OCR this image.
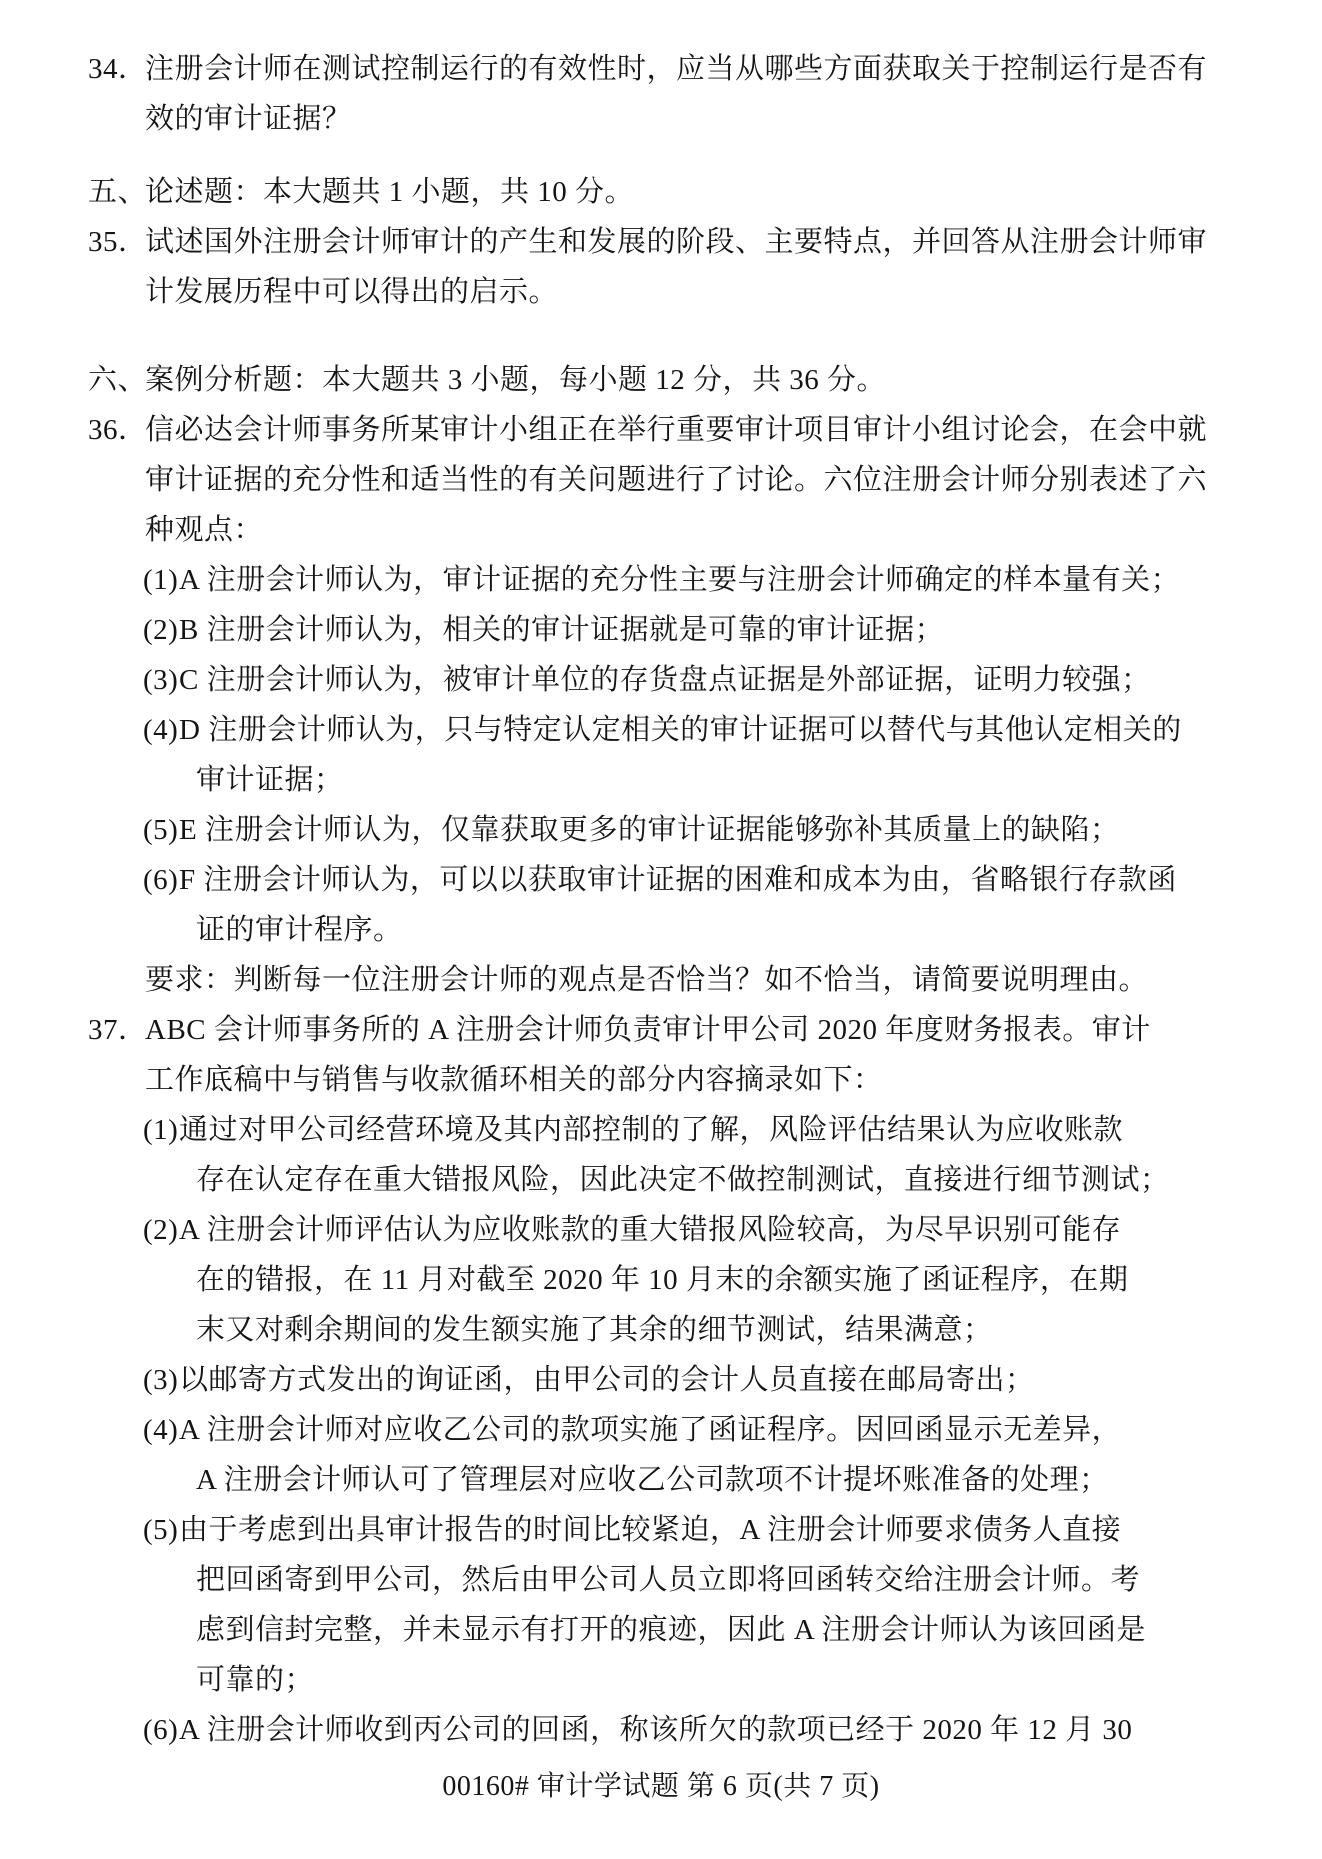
34．注册会计师在测试控制运行的有效性时，应当从哪些方面获取关于控制运行是否有
效的审计证据？
五、论述题：本大题共 1 小题，共 10 分。
35．试述国外注册会计师审计的产生和发展的阶段、主要特点，并回答从注册会计师审
计发展历程中可以得出的启示。
六、案例分析题：本大题共 3 小题，每小题 12 分，共 36 分。
36．信必达会计师事务所某审计小组正在举行重要审计项目审计小组讨论会，在会中就
审计证据的充分性和适当性的有关问题进行了讨论。六位注册会计师分别表述了六
种观点：
(1)A 注册会计师认为，审计证据的充分性主要与注册会计师确定的样本量有关；
(2)B 注册会计师认为，相关的审计证据就是可靠的审计证据；
(3)C 注册会计师认为，被审计单位的存货盘点证据是外部证据，证明力较强；
(4)D 注册会计师认为，只与特定认定相关的审计证据可以替代与其他认定相关的
审计证据；
(5)E 注册会计师认为，仅靠获取更多的审计证据能够弥补其质量上的缺陷；
(6)F 注册会计师认为，可以以获取审计证据的困难和成本为由，省略银行存款函
证的审计程序。
要求：判断每一位注册会计师的观点是否恰当？如不恰当，请简要说明理由。
37．ABC 会计师事务所的 A 注册会计师负责审计甲公司 2020 年度财务报表。审计
工作底稿中与销售与收款循环相关的部分内容摘录如下：
(1)通过对甲公司经营环境及其内部控制的了解，风险评估结果认为应收账款
存在认定存在重大错报风险，因此决定不做控制测试，直接进行细节测试；
(2)A 注册会计师评估认为应收账款的重大错报风险较高，为尽早识别可能存
在的错报，在 11 月对截至 2020 年 10 月末的余额实施了函证程序，在期
末又对剩余期间的发生额实施了其余的细节测试，结果满意；
(3)以邮寄方式发出的询证函，由甲公司的会计人员直接在邮局寄出；
(4)A 注册会计师对应收乙公司的款项实施了函证程序。因回函显示无差异，
A 注册会计师认可了管理层对应收乙公司款项不计提坏账准备的处理；
(5)由于考虑到出具审计报告的时间比较紧迫，A 注册会计师要求债务人直接
把回函寄到甲公司，然后由甲公司人员立即将回函转交给注册会计师。考
虑到信封完整，并未显示有打开的痕迹，因此 A 注册会计师认为该回函是
可靠的；
(6)A 注册会计师收到丙公司的回函，称该所欠的款项已经于 2020 年 12 月 30
00160# 审计学试题 第 6 页(共 7 页)
